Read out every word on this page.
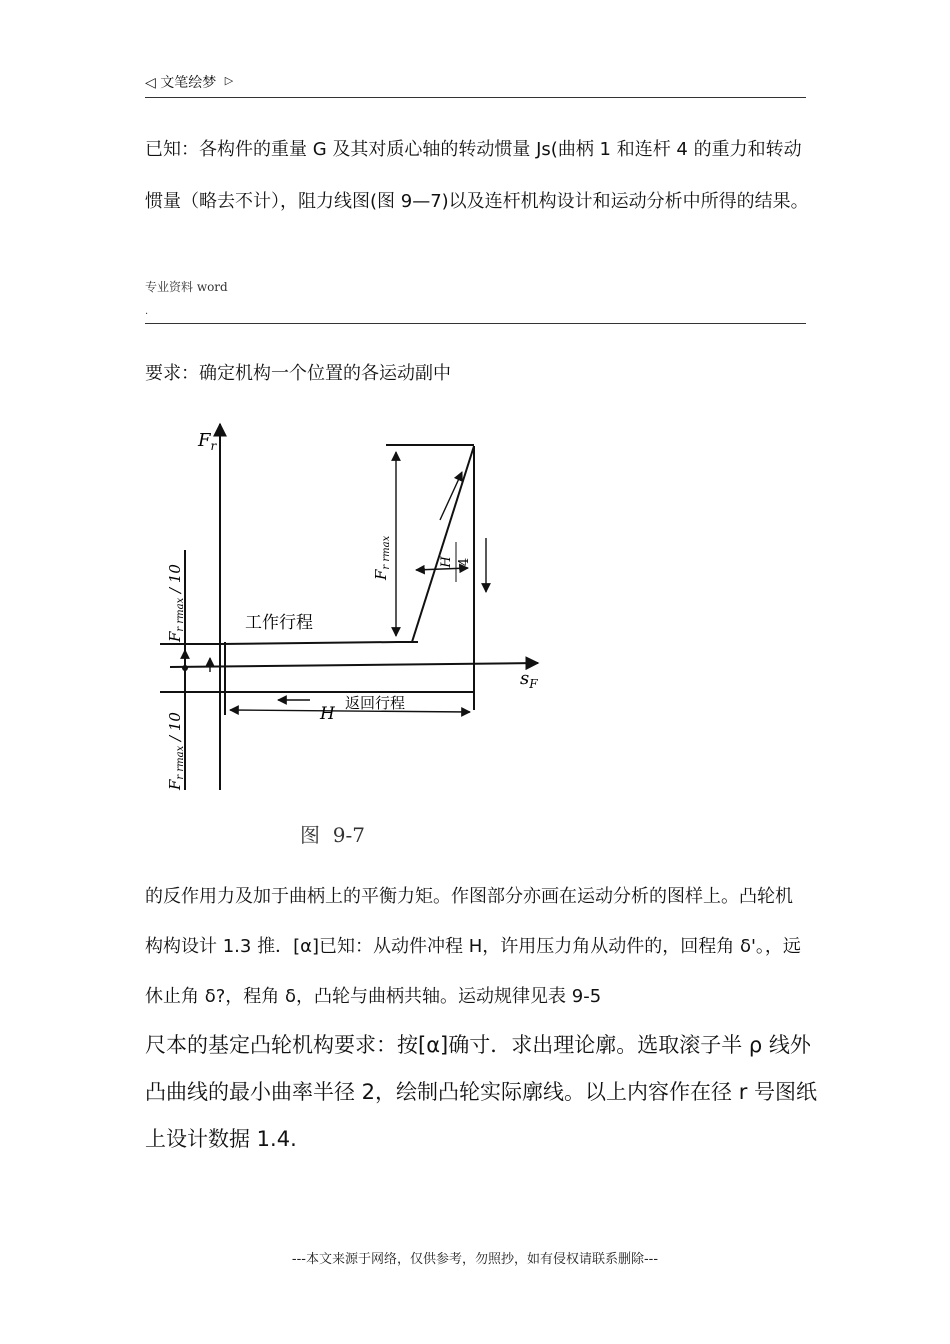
◁ 文笔绘梦 ▷
已知：各构件的重量 G 及其对质心轴的转动惯量 Js(曲柄 1 和连杆 4 的重力和转动惯量（略去不计），阻力线图(图 9—7)以及连杆机构设计和运动分析中所得的结果。
专业资料 word
.
要求：确定机构一个位置的各运动副中
$F_r$
$s_F$
工作行程
返回行程
H
H 4
$F_{r rmax}$
$F_{r rmax} / 10$
$F_{r rmax} / 10$
图  9-7
的反作用力及加于曲柄上的平衡力矩。作图部分亦画在运动分析的图样上。凸轮机构构设计 1.3 推．[α]已知：从动件冲程 H，许用压力角从动件的，回程角 δ'。，远休止角 δ?，程角 δ，凸轮与曲柄共轴。运动规律见表 9-5
尺本的基定凸轮机构要求：按[α]确寸．求出理论廓。选取滚子半 ρ 线外凸曲线的最小曲率半径 2，绘制凸轮实际廓线。以上内容作在径 r 号图纸上设计数据 1.4.
---本文来源于网络，仅供参考，勿照抄，如有侵权请联系删除---
